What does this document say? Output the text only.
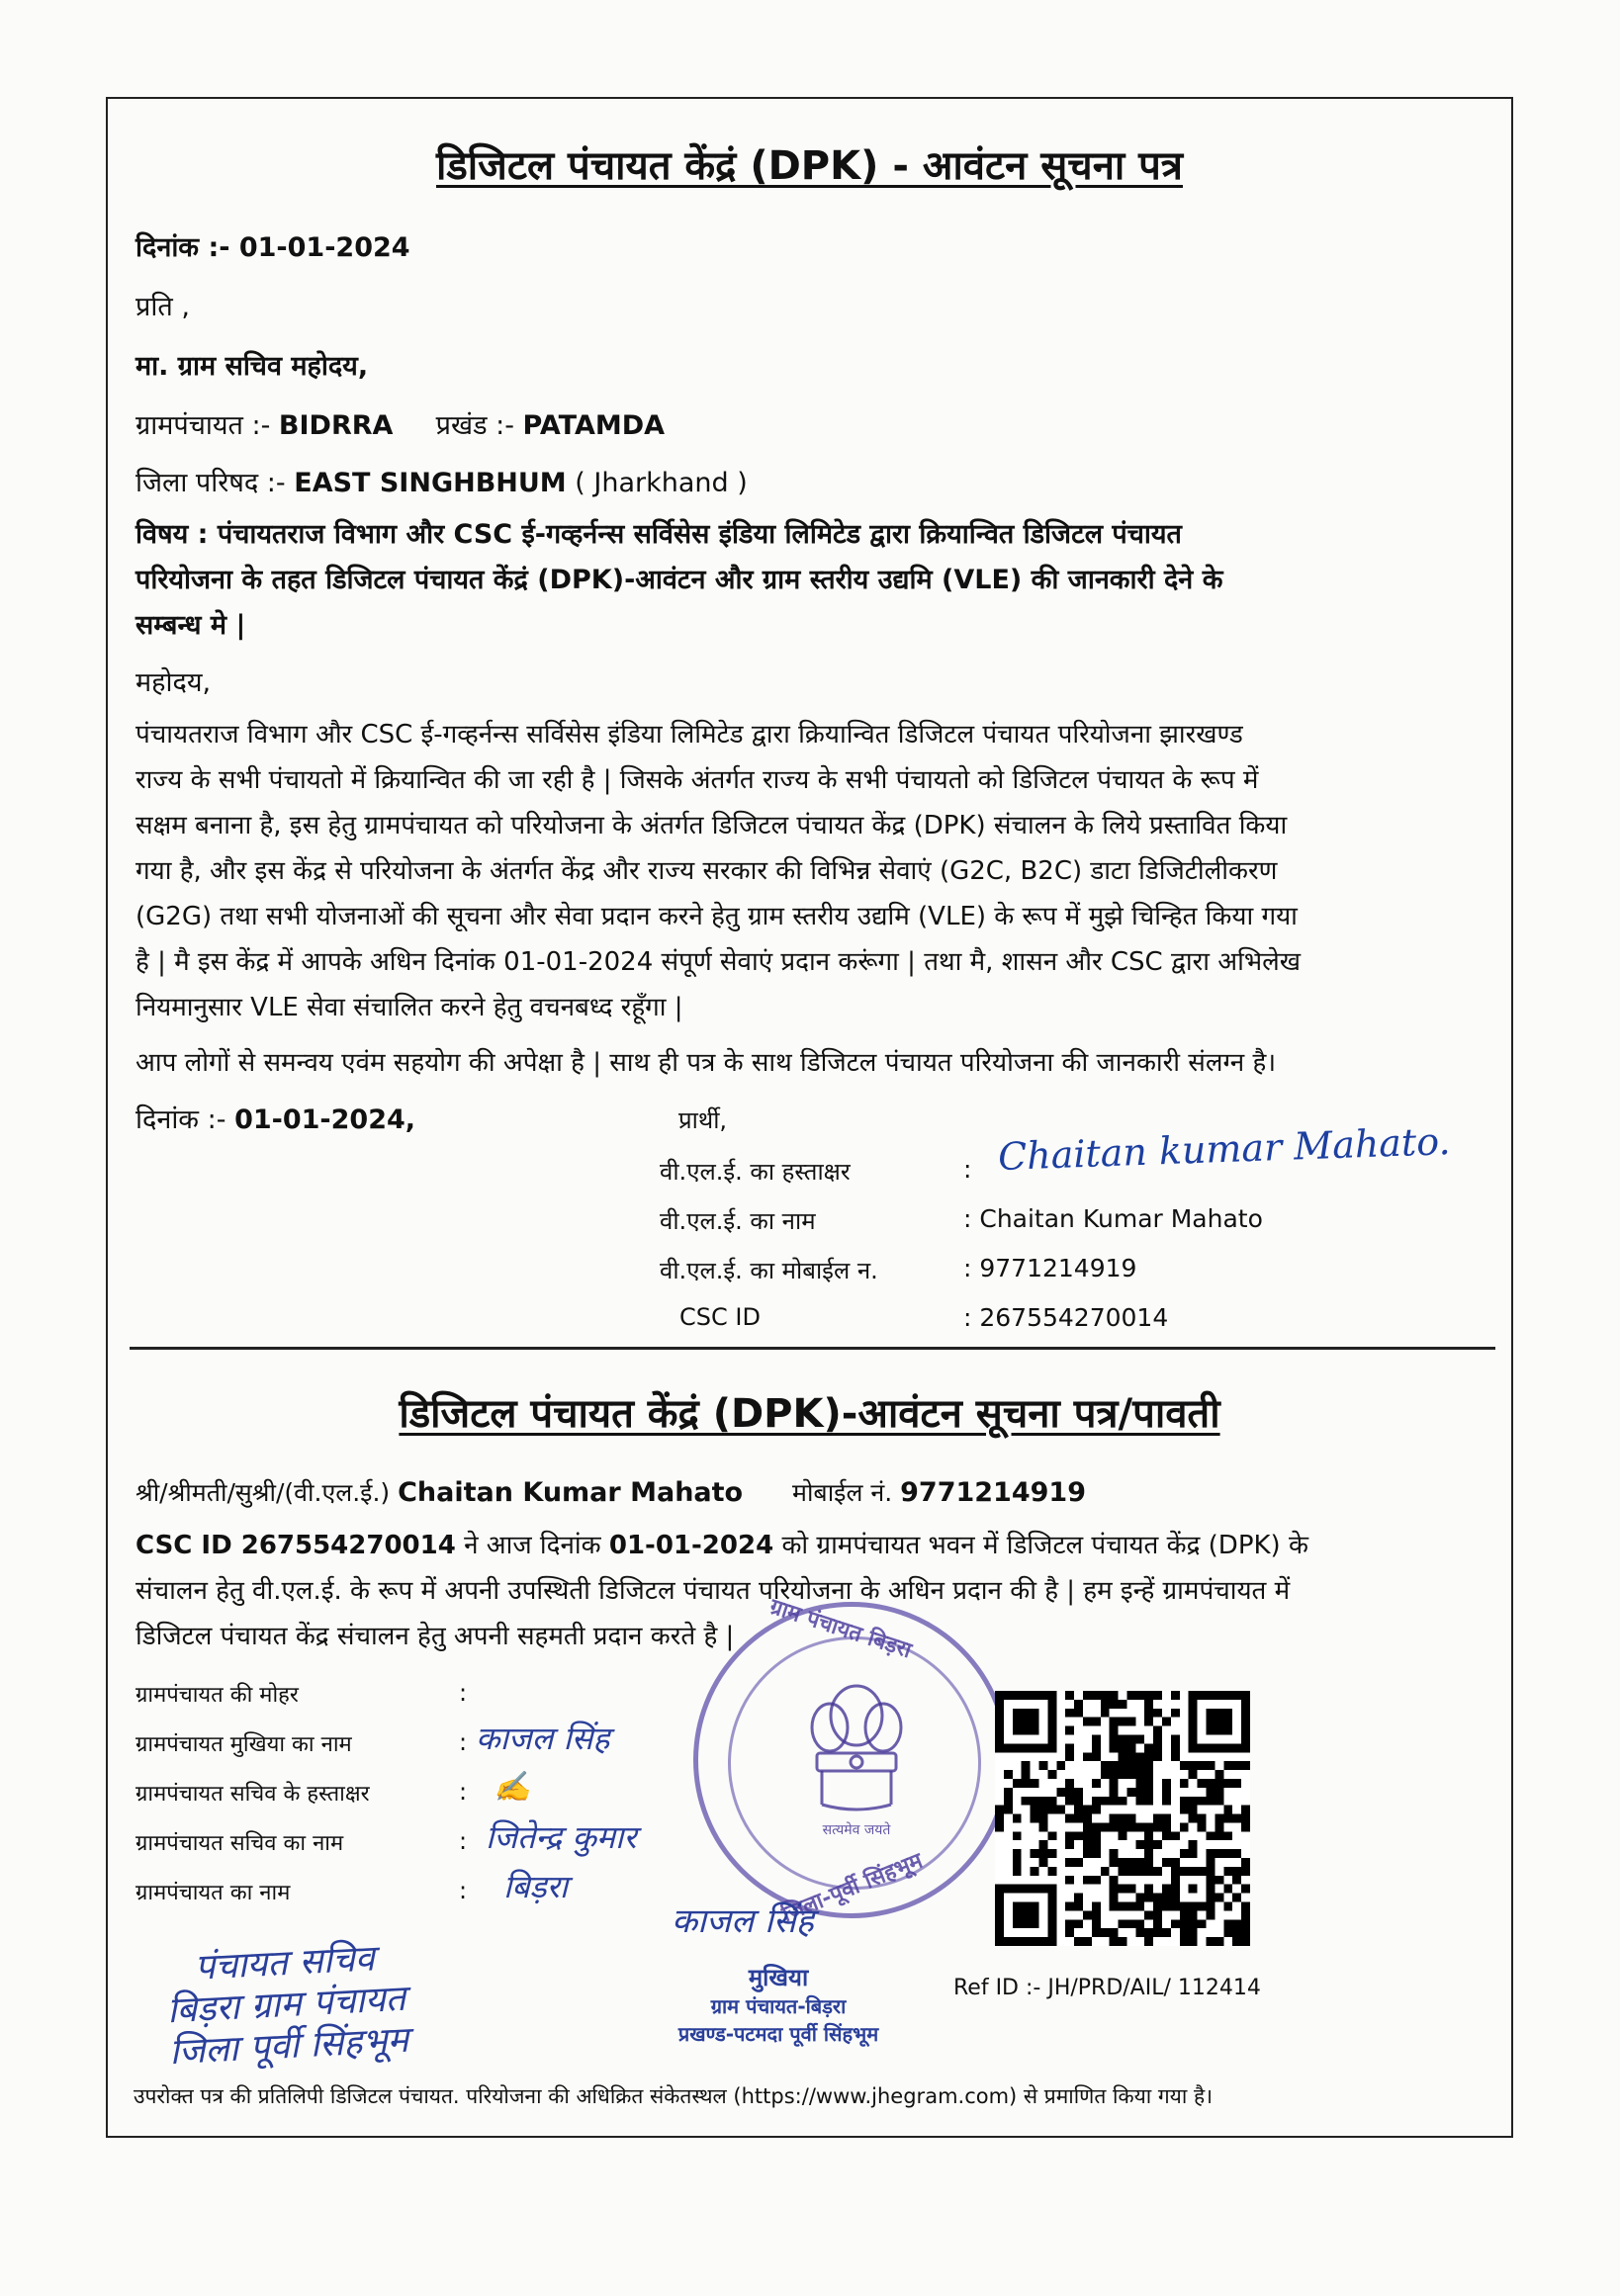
डिजिटल पंचायत केंद्रं (DPK) - आवंटन सूचना पत्र
दिनांक :- 01-01-2024
प्रति ,
मा. ग्राम सचिव महोदय,
ग्रामपंचायत :- BIDRRA प्रखंड :- PATAMDA
जिला परिषद :- EAST SINGHBHUM ( Jharkhand )
विषय : पंचायतराज विभाग और CSC ई-गव्हर्नन्स सर्विसेस इंडिया लिमिटेड द्वारा क्रियान्वित डिजिटल पंचायत
परियोजना के तहत डिजिटल पंचायत केंद्रं (DPK)-आवंटन और ग्राम स्तरीय उद्यमि (VLE) की जानकारी देने के
सम्बन्ध मे |
महोदय,
पंचायतराज विभाग और CSC ई-गव्हर्नन्स सर्विसेस इंडिया लिमिटेड द्वारा क्रियान्वित डिजिटल पंचायत परियोजना झारखण्ड
राज्य के सभी पंचायतो में क्रियान्वित की जा रही है | जिसके अंतर्गत राज्य के सभी पंचायतो को डिजिटल पंचायत के रूप में
सक्षम बनाना है, इस हेतु ग्रामपंचायत को परियोजना के अंतर्गत डिजिटल पंचायत केंद्र (DPK) संचालन के लिये प्रस्तावित किया
गया है, और इस केंद्र से परियोजना के अंतर्गत केंद्र और राज्य सरकार की विभिन्न सेवाएं (G2C, B2C) डाटा डिजिटीलीकरण
(G2G) तथा सभी योजनाओं की सूचना और सेवा प्रदान करने हेतु ग्राम स्तरीय उद्यमि (VLE) के रूप में मुझे चिन्हित किया गया
है | मै इस केंद्र में आपके अधिन दिनांक 01-01-2024 संपूर्ण सेवाएं प्रदान करूंगा | तथा मै, शासन और CSC द्वारा अभिलेख
नियमानुसार VLE सेवा संचालित करने हेतु वचनबध्द रहूँगा |
आप लोगों से समन्वय एवंम सहयोग की अपेक्षा है | साथ ही पत्र के साथ डिजिटल पंचायत परियोजना की जानकारी संलग्न है।
दिनांक :- 01-01-2024,	प्रार्थी,
वी.एल.ई. का हस्ताक्षर	: Chaitan kumar Mahato.
वी.एल.ई. का नाम	: Chaitan Kumar Mahato
वी.एल.ई. का मोबाईल न.	: 9771214919
CSC ID	: 267554270014
डिजिटल पंचायत केंद्रं (DPK)-आवंटन सूचना पत्र/पावती
श्री/श्रीमती/सुश्री/(वी.एल.ई.) Chaitan Kumar Mahato मोबाईल नं. 9771214919
CSC ID 267554270014 ने आज दिनांक 01-01-2024 को ग्रामपंचायत भवन में डिजिटल पंचायत केंद्र (DPK) के
संचालन हेतु वी.एल.ई. के रूप में अपनी उपस्थिती डिजिटल पंचायत परियोजना के अधिन प्रदान की है | हम इन्हें ग्रामपंचायत में
डिजिटल पंचायत केंद्र संचालन हेतु अपनी सहमती प्रदान करते है |
ग्रामपंचायत की मोहर	:
ग्रामपंचायत मुखिया का नाम	: काजल सिंह
ग्रामपंचायत सचिव के हस्ताक्षर	: ✍
ग्रामपंचायत सचिव का नाम	: जितेन्द्र कुमार
ग्रामपंचायत का नाम	: बिड़रा
ग्राम पंचायत बिड़रा
जिला-पूर्वी सिंहभूम
सत्यमेव जयते
पंचायत सचिव
बिड़रा ग्राम पंचायत
जिला पूर्वी सिंहभूम
काजल सिंह
मुखिया
ग्राम पंचायत-बिड़रा
प्रखण्ड-पटमदा पूर्वी सिंहभूम
Ref ID :- JH/PRD/AIL/ 112414
उपरोक्त पत्र की प्रतिलिपी डिजिटल पंचायत. परियोजना की अधिक्रित संकेतस्थल (https://www.jhegram.com) से प्रमाणित किया गया है।
